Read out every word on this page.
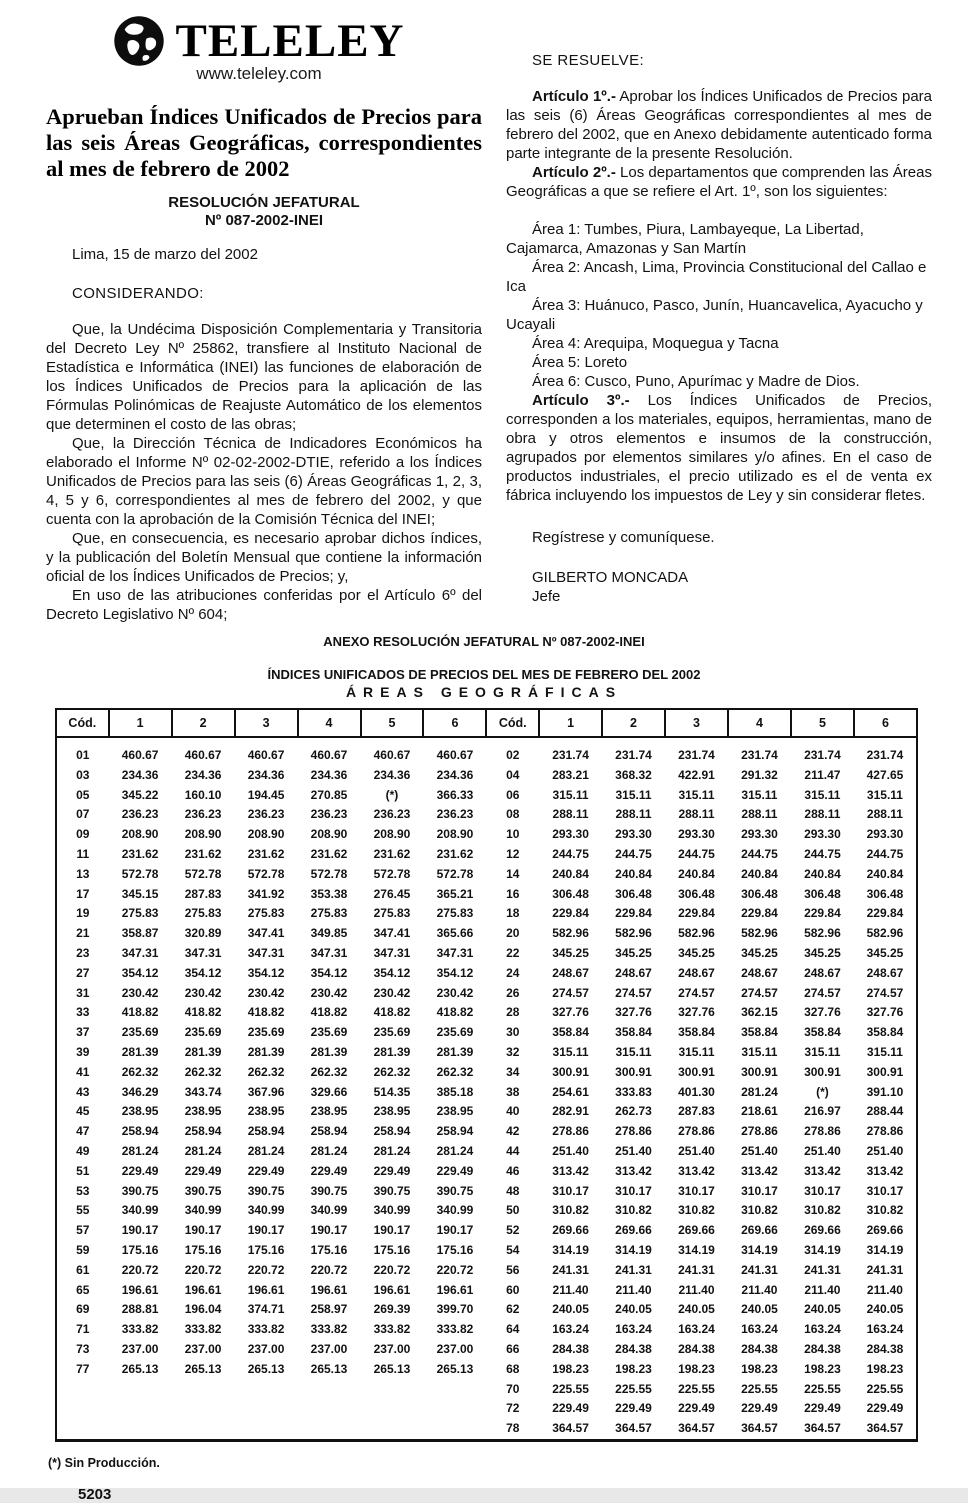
TELELEY
www.teleley.com
Aprueban Índices Unificados de Precios para las seis Áreas Geográficas, correspondientes al mes de febrero de 2002
RESOLUCIÓN JEFATURAL
Nº 087-2002-INEI
Lima, 15 de marzo del 2002
CONSIDERANDO:

Que, la Undécima Disposición Complementaria y Transitoria del Decreto Ley Nº 25862, transfiere al Instituto Nacional de Estadística e Informática (INEI) las funciones de elaboración de los Índices Unificados de Precios para la aplicación de las Fórmulas Polinómicas de Reajuste Automático de los elementos que determinen el costo de las obras;

Que, la Dirección Técnica de Indicadores Económicos ha elaborado el Informe Nº 02-02-2002-DTIE, referido a los Índices Unificados de Precios para las seis (6) Áreas Geográficas 1, 2, 3, 4, 5 y 6, correspondientes al mes de febrero del 2002, y que cuenta con la aprobación de la Comisión Técnica del INEI;

Que, en consecuencia, es necesario aprobar dichos índices, y la publicación del Boletín Mensual que contiene la información oficial de los Índices Unificados de Precios; y,

En uso de las atribuciones conferidas por el Artículo 6º del Decreto Legislativo Nº 604;

SE RESUELVE:

Artículo 1º.- Aprobar los Índices Unificados de Precios para las seis (6) Áreas Geográficas correspondientes al mes de febrero del 2002, que en Anexo debidamente autenticado forma parte integrante de la presente Resolución.

Artículo 2º.- Los departamentos que comprenden las Áreas Geográficas a que se refiere el Art. 1º, son los siguientes:

Área 1: Tumbes, Piura, Lambayeque, La Libertad, Cajamarca, Amazonas y San Martín

Área 2: Ancash, Lima, Provincia Constitucional del Callao e Ica

Área 3: Huánuco, Pasco, Junín, Huancavelica, Ayacucho y Ucayali

Área 4: Arequipa, Moquegua y Tacna

Área 5: Loreto

Área 6: Cusco, Puno, Apurímac y Madre de Dios.

Artículo 3º.- Los Índices Unificados de Precios, corresponden a los materiales, equipos, herramientas, mano de obra y otros elementos e insumos de la construcción, agrupados por elementos similares y/o afines. En el caso de productos industriales, el precio utilizado es el de venta ex fábrica incluyendo los impuestos de Ley y sin considerar fletes.

Regístrese y comuníquese.
GILBERTO MONCADA
Jefe
ANEXO RESOLUCIÓN JEFATURAL Nº 087-2002-INEI
ÍNDICES UNIFICADOS DE PRECIOS DEL MES DE FEBRERO DEL 2002
ÁREAS GEOGRÁFICAS
Cód.	1	2	3	4	5	6	Cód.	1	2	3	4	5	6
01	460.67	460.67	460.67	460.67	460.67	460.67	02	231.74	231.74	231.74	231.74	231.74	231.74
03	234.36	234.36	234.36	234.36	234.36	234.36	04	283.21	368.32	422.91	291.32	211.47	427.65
05	345.22	160.10	194.45	270.85	(*)	366.33	06	315.11	315.11	315.11	315.11	315.11	315.11
07	236.23	236.23	236.23	236.23	236.23	236.23	08	288.11	288.11	288.11	288.11	288.11	288.11
09	208.90	208.90	208.90	208.90	208.90	208.90	10	293.30	293.30	293.30	293.30	293.30	293.30
11	231.62	231.62	231.62	231.62	231.62	231.62	12	244.75	244.75	244.75	244.75	244.75	244.75
13	572.78	572.78	572.78	572.78	572.78	572.78	14	240.84	240.84	240.84	240.84	240.84	240.84
17	345.15	287.83	341.92	353.38	276.45	365.21	16	306.48	306.48	306.48	306.48	306.48	306.48
19	275.83	275.83	275.83	275.83	275.83	275.83	18	229.84	229.84	229.84	229.84	229.84	229.84
21	358.87	320.89	347.41	349.85	347.41	365.66	20	582.96	582.96	582.96	582.96	582.96	582.96
23	347.31	347.31	347.31	347.31	347.31	347.31	22	345.25	345.25	345.25	345.25	345.25	345.25
27	354.12	354.12	354.12	354.12	354.12	354.12	24	248.67	248.67	248.67	248.67	248.67	248.67
31	230.42	230.42	230.42	230.42	230.42	230.42	26	274.57	274.57	274.57	274.57	274.57	274.57
33	418.82	418.82	418.82	418.82	418.82	418.82	28	327.76	327.76	327.76	362.15	327.76	327.76
37	235.69	235.69	235.69	235.69	235.69	235.69	30	358.84	358.84	358.84	358.84	358.84	358.84
39	281.39	281.39	281.39	281.39	281.39	281.39	32	315.11	315.11	315.11	315.11	315.11	315.11
41	262.32	262.32	262.32	262.32	262.32	262.32	34	300.91	300.91	300.91	300.91	300.91	300.91
43	346.29	343.74	367.96	329.66	514.35	385.18	38	254.61	333.83	401.30	281.24	(*)	391.10
45	238.95	238.95	238.95	238.95	238.95	238.95	40	282.91	262.73	287.83	218.61	216.97	288.44
47	258.94	258.94	258.94	258.94	258.94	258.94	42	278.86	278.86	278.86	278.86	278.86	278.86
49	281.24	281.24	281.24	281.24	281.24	281.24	44	251.40	251.40	251.40	251.40	251.40	251.40
51	229.49	229.49	229.49	229.49	229.49	229.49	46	313.42	313.42	313.42	313.42	313.42	313.42
53	390.75	390.75	390.75	390.75	390.75	390.75	48	310.17	310.17	310.17	310.17	310.17	310.17
55	340.99	340.99	340.99	340.99	340.99	340.99	50	310.82	310.82	310.82	310.82	310.82	310.82
57	190.17	190.17	190.17	190.17	190.17	190.17	52	269.66	269.66	269.66	269.66	269.66	269.66
59	175.16	175.16	175.16	175.16	175.16	175.16	54	314.19	314.19	314.19	314.19	314.19	314.19
61	220.72	220.72	220.72	220.72	220.72	220.72	56	241.31	241.31	241.31	241.31	241.31	241.31
65	196.61	196.61	196.61	196.61	196.61	196.61	60	211.40	211.40	211.40	211.40	211.40	211.40
69	288.81	196.04	374.71	258.97	269.39	399.70	62	240.05	240.05	240.05	240.05	240.05	240.05
71	333.82	333.82	333.82	333.82	333.82	333.82	64	163.24	163.24	163.24	163.24	163.24	163.24
73	237.00	237.00	237.00	237.00	237.00	237.00	66	284.38	284.38	284.38	284.38	284.38	284.38
77	265.13	265.13	265.13	265.13	265.13	265.13	68	198.23	198.23	198.23	198.23	198.23	198.23
							70	225.55	225.55	225.55	225.55	225.55	225.55
							72	229.49	229.49	229.49	229.49	229.49	229.49
							78	364.57	364.57	364.57	364.57	364.57	364.57
(*) Sin Producción.
5203
